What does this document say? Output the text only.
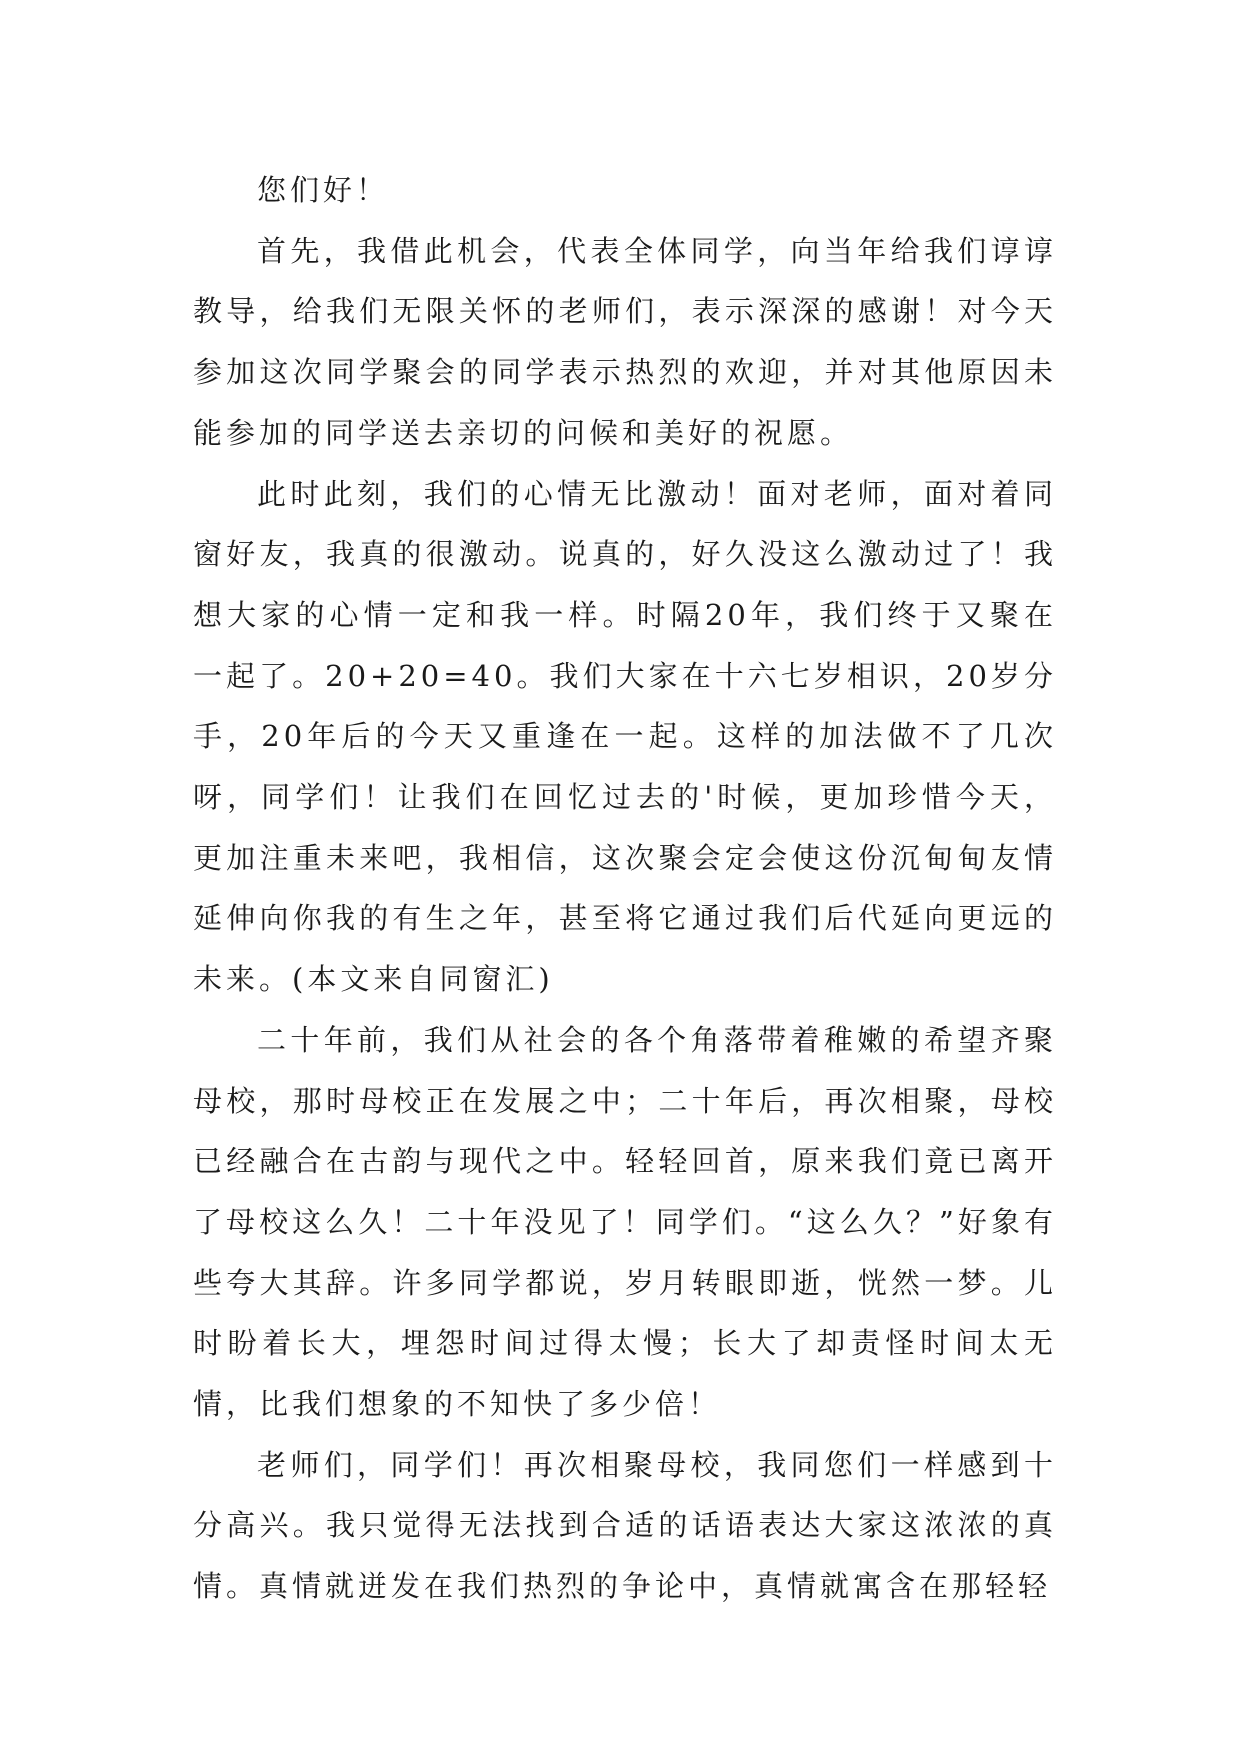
您们好！

首先，我借此机会，代表全体同学，向当年给我们谆谆教导，给我们无限关怀的老师们，表示深深的感谢！对今天参加这次同学聚会的同学表示热烈的欢迎，并对其他原因未能参加的同学送去亲切的问候和美好的祝愿。

此时此刻，我们的心情无比激动！面对老师，面对着同窗好友，我真的很激动。说真的，好久没这么激动过了！我想大家的心情一定和我一样。时隔20年，我们终于又聚在一起了。20+20=40。我们大家在十六七岁相识，20岁分手，20年后的今天又重逢在一起。这样的加法做不了几次呀，同学们！让我们在回忆过去的'时候，更加珍惜今天，更加注重未来吧，我相信，这次聚会定会使这份沉甸甸友情延伸向你我的有生之年，甚至将它通过我们后代延向更远的未来。(本文来自同窗汇)

二十年前，我们从社会的各个角落带着稚嫩的希望齐聚母校，那时母校正在发展之中；二十年后，再次相聚，母校已经融合在古韵与现代之中。轻轻回首，原来我们竟已离开了母校这么久！二十年没见了！同学们。“这么久？”好象有些夸大其辞。许多同学都说，岁月转眼即逝，恍然一梦。儿时盼着长大，埋怨时间过得太慢；长大了却责怪时间太无情，比我们想象的不知快了多少倍！

老师们，同学们！再次相聚母校，我同您们一样感到十分高兴。我只觉得无法找到合适的话语表达大家这浓浓的真情。真情就迸发在我们热烈的争论中，真情就寓含在那轻轻
